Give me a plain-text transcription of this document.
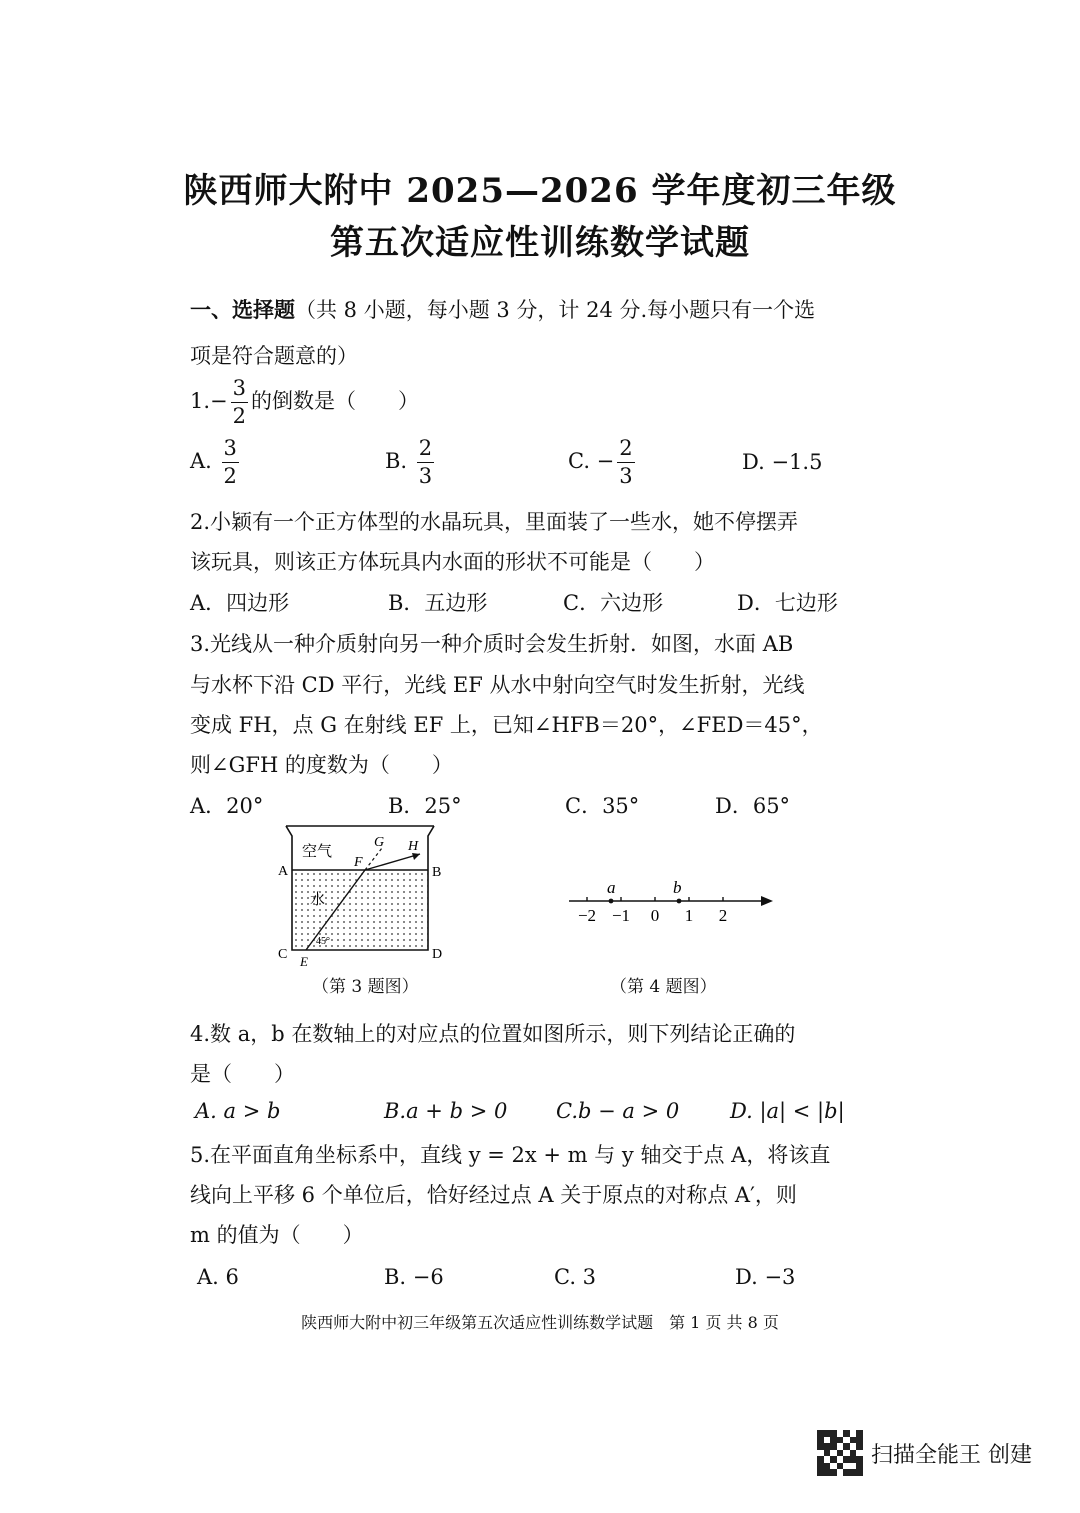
陕西师大附中 2025—2026 学年度初三年级
第五次适应性训练数学试题
一、选择题（共 8 小题，每小题 3 分，计 24 分.每小题只有一个选
项是符合题意的）
$1.- \frac{3}{2}$ 的倒数是（　　）
A. $\frac{3}{2}$	B. $\frac{2}{3}$	C. − $\frac{2}{3}$	D. −1.5
2.小颖有一个正方体型的水晶玩具，里面装了一些水，她不停摆弄
该玩具，则该正方体玩具内水面的形状不可能是（　　）
A．四边形	B．五边形	C．六边形	D．七边形
3.光线从一种介质射向另一种介质时会发生折射．如图，水面 AB
与水杯下沿 CD 平行，光线 EF 从水中射向空气时发生折射，光线
变成 FH，点 G 在射线 EF 上，已知∠HFB＝20°，∠FED＝45°，
则∠GFH 的度数为（　　）
A．20°	B．25°	C．35°	D．65°
空气
水
A	B
C	D
E
F
G H
45°
（第 3 题图）
−2 −1 0 1 2
a	b
（第 4 题图）
4.数 a，b 在数轴上的对应点的位置如图所示，则下列结论正确的
是（　　）
A. a > b	B.a + b > 0 C.b − a > 0 D. |a| < |b|
5.在平面直角坐标系中，直线 y = 2x + m 与 y 轴交于点 A，将该直
线向上平移 6 个单位后，恰好经过点 A 关于原点的对称点 A′，则
m 的值为（　　）
A. 6	B. −6	C. 3	D. −3
陕西师大附中初三年级第五次适应性训练数学试题　第 1 页 共 8 页
扫描全能王 创建
